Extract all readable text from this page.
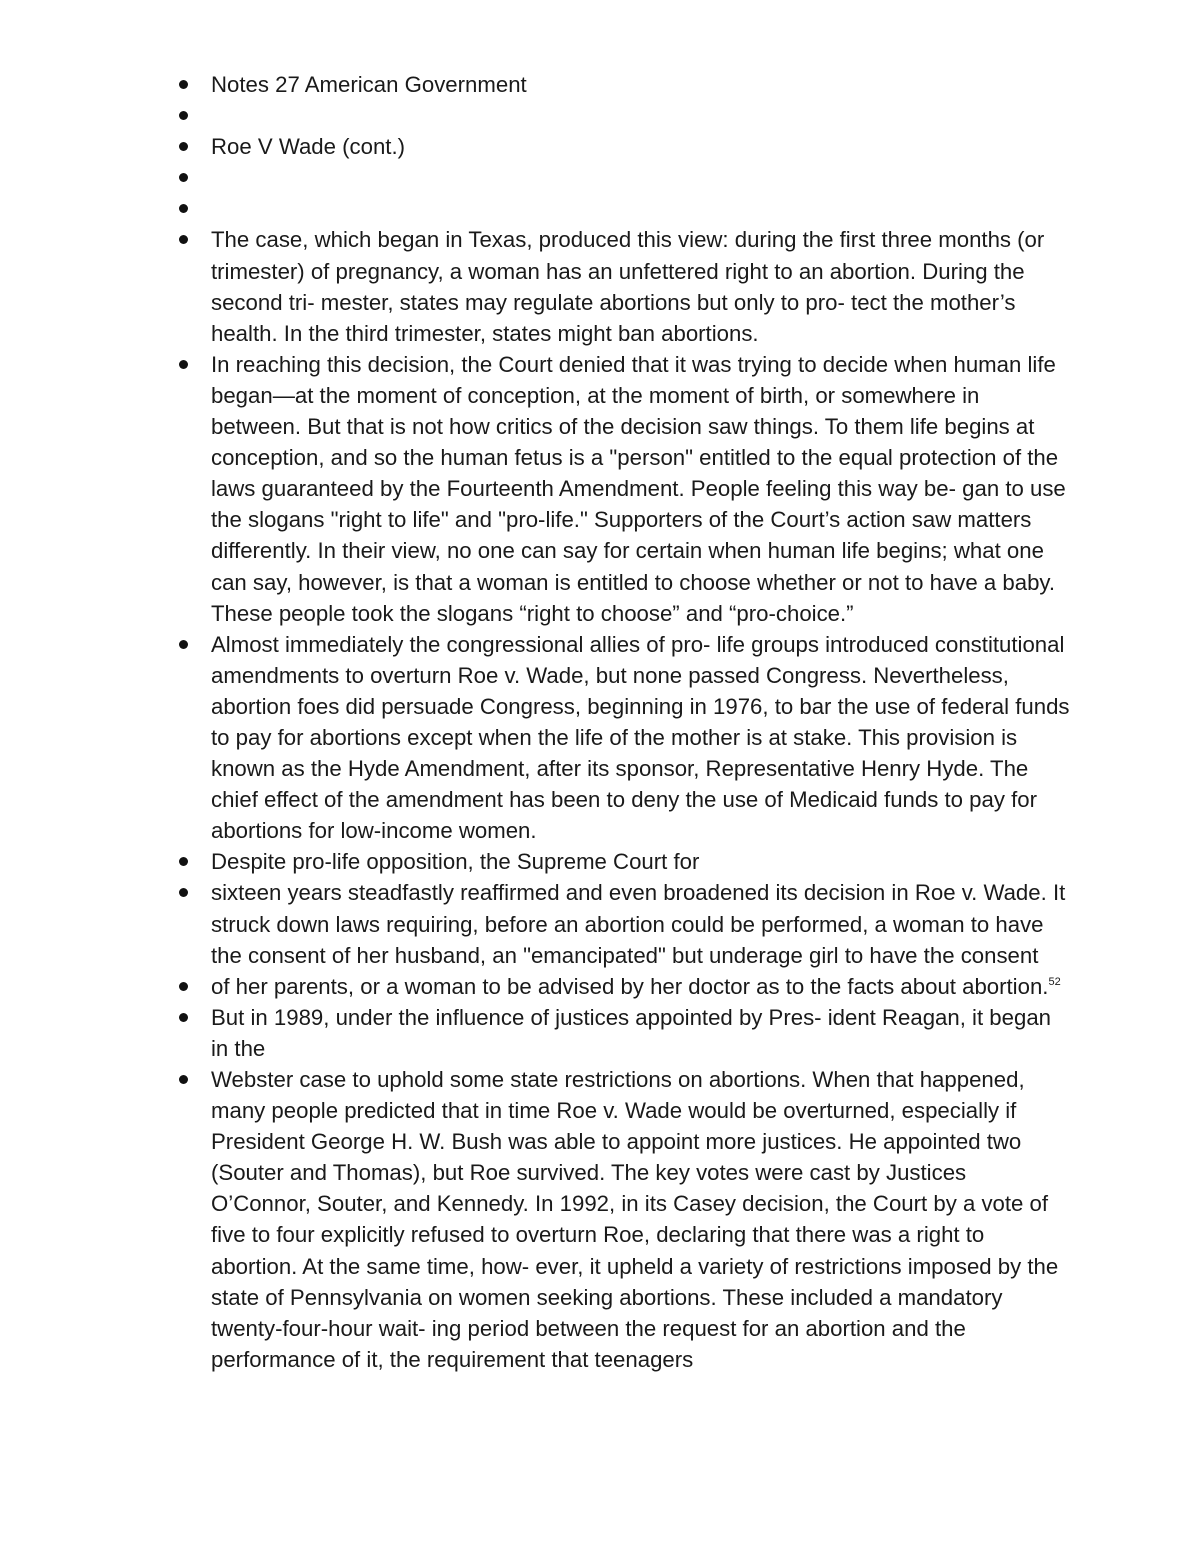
Notes 27 American Government
Roe V Wade (cont.)
The case, which began in Texas, produced this view: during the first three months (or trimester) of pregnancy, a woman has an unfettered right to an abortion. During the second tri- mester, states may regulate abortions but only to pro- tect the mother’s health. In the third trimester, states might ban abortions.
In reaching this decision, the Court denied that it was trying to decide when human life began—at the moment of conception, at the moment of birth, or somewhere in between. But that is not how critics of the decision saw things. To them life begins at conception, and so the human fetus is a "person" entitled to the equal protection of the laws guaranteed by the Fourteenth Amendment. People feeling this way be- gan to use the slogans "right to life" and "pro-life." Supporters of the Court’s action saw matters differently. In their view, no one can say for certain when human life begins; what one can say, however, is that a woman is entitled to choose whether or not to have a baby. These people took the slogans “right to choose” and “pro-choice.”
Almost immediately the congressional allies of pro- life groups introduced constitutional amendments to overturn Roe v. Wade, but none passed Congress. Nevertheless, abortion foes did persuade Congress, beginning in 1976, to bar the use of federal funds to pay for abortions except when the life of the mother is at stake. This provision is known as the Hyde Amendment, after its sponsor, Representative Henry Hyde. The chief effect of the amendment has been to deny the use of Medicaid funds to pay for abortions for low-income women.
Despite pro-life opposition, the Supreme Court for
sixteen years steadfastly reaffirmed and even broadened its decision in Roe v. Wade. It struck down laws requiring, before an abortion could be performed, a woman to have the consent of her husband, an "emancipated" but underage girl to have the consent
of her parents, or a woman to be advised by her doctor as to the facts about abortion.$^{52}$
But in 1989, under the influence of justices appointed by Pres- ident Reagan, it began in the
Webster case to uphold some state restrictions on abortions. When that happened, many people predicted that in time Roe v. Wade would be overturned, especially if President George H. W. Bush was able to appoint more justices. He appointed two (Souter and Thomas), but Roe survived. The key votes were cast by Justices O’Connor, Souter, and Kennedy. In 1992, in its Casey decision, the Court by a vote of five to four explicitly refused to overturn Roe, declaring that there was a right to abortion. At the same time, how- ever, it upheld a variety of restrictions imposed by the state of Pennsylvania on women seeking abortions. These included a mandatory twenty-four-hour wait- ing period between the request for an abortion and the performance of it, the requirement that teenagers
